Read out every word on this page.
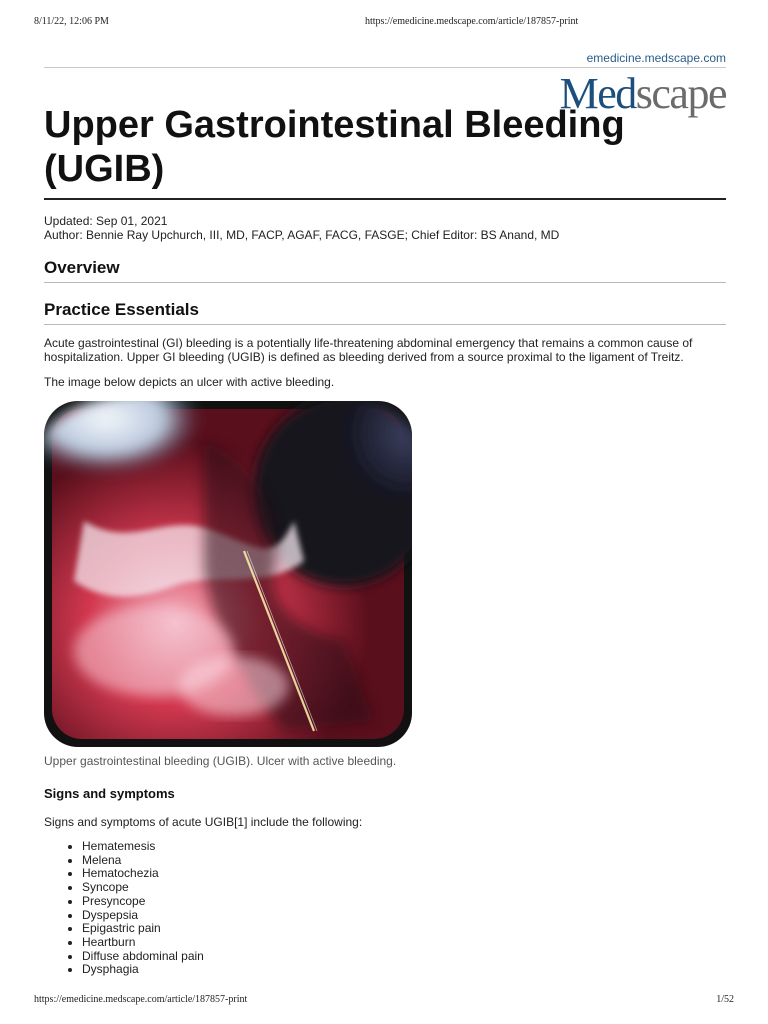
8/11/22, 12:06 PM	https://emedicine.medscape.com/article/187857-print
emedicine.medscape.com
Medscape
Upper Gastrointestinal Bleeding (UGIB)
Updated: Sep 01, 2021
Author: Bennie Ray Upchurch, III, MD, FACP, AGAF, FACG, FASGE; Chief Editor: BS Anand, MD
Overview
Practice Essentials

Acute gastrointestinal (GI) bleeding is a potentially life-threatening abdominal emergency that remains a common cause of hospitalization. Upper GI bleeding (UGIB) is defined as bleeding derived from a source proximal to the ligament of Treitz.

The image below depicts an ulcer with active bleeding.

Upper gastrointestinal bleeding (UGIB). Ulcer with active bleeding.

Signs and symptoms

Signs and symptoms of acute UGIB[1] include the following:

• Hematemesis
• Melena
• Hematochezia
• Syncope
• Presyncope
• Dyspepsia
• Epigastric pain
• Heartburn
• Diffuse abdominal pain
• Dysphagia
https://emedicine.medscape.com/article/187857-print	1/52
